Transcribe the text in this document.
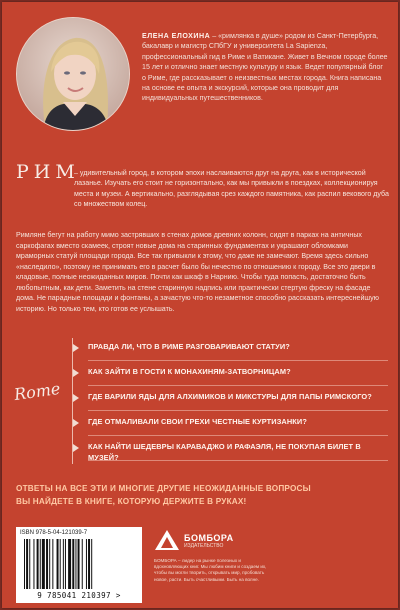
ЕЛЕНА ЕЛОХИНА – «римлянка в душе» родом из Санкт-Петербурга, бакалавр и магистр СПбГУ и университета La Sapienza, профессиональный гид в Риме и Ватикане. Живет в Вечном городе более 15 лет и отлично знает местную культуру и язык. Ведет популярный блог о Риме, где рассказывает о неизвестных местах города. Книга написана на основе ее опыта и экскурсий, которые она проводит для индивидуальных путешественников.
РИМ
– удивительный город, в котором эпохи наслаиваются друг на друга, как в исторической лазанье. Изучать его стоит не горизонтально, как мы привыкли в поездках, коллекционируя места и музеи. А вертикально, разглядывая срез каждого памятника, как распил векового дуба со множеством колец.
Римляне бегут на работу мимо застрявших в стенах домов древних колонн, сидят в парках на античных саркофагах вместо скамеек, строят новые дома на старинных фундаментах и украшают обломками мраморных статуй площади города. Все так привыкли к этому, что даже не замечают. Время здесь сильно «наследило», поэтому не принимать его в расчет было бы нечестно по отношению к городу. Все это двери в кладовые, полные неожиданных миров. Почти как шкаф в Нарнию. Чтобы туда попасть, достаточно быть любопытным, как дети. Заметить на стене старинную надпись или практически стертую фреску на фасаде дома. Не парадные площади и фонтаны, а зачастую что-то незаметное способно рассказать интереснейшую историю. Но только тем, кто готов ее услышать.
Rome
ПРАВДА ЛИ, ЧТО В РИМЕ РАЗГОВАРИВАЮТ СТАТУИ?
КАК ЗАЙТИ В ГОСТИ К МОНАХИНЯМ-ЗАТВОРНИЦАМ?
ГДЕ ВАРИЛИ ЯДЫ ДЛЯ АЛХИМИКОВ И МИКСТУРЫ ДЛЯ ПАПЫ РИМСКОГО?
ГДЕ ОТМАЛИВАЛИ СВОИ ГРЕХИ ЧЕСТНЫЕ КУРТИЗАНКИ?
КАК НАЙТИ ШЕДЕВРЫ КАРАВАДЖО И РАФАЭЛЯ, НЕ ПОКУПАЯ БИЛЕТ В МУЗЕЙ?
ОТВЕТЫ НА ВСЕ ЭТИ И МНОГИЕ ДРУГИЕ НЕОЖИДАННЫЕ ВОПРОСЫ
ВЫ НАЙДЕТЕ В КНИГЕ, КОТОРУЮ ДЕРЖИТЕ В РУКАХ!
ISBN 978-5-04-121039-7
9 785041 210397 >
БОМБОРА
ИЗДАТЕЛЬСТВО
БОМБОРА – лидер на рынке полезных и вдохновляющих книг. Мы любим книги и создаем их, чтобы вы могли творить, открывать мир, пробовать новое, расти. Быть счастливыми. Быть на волне.
